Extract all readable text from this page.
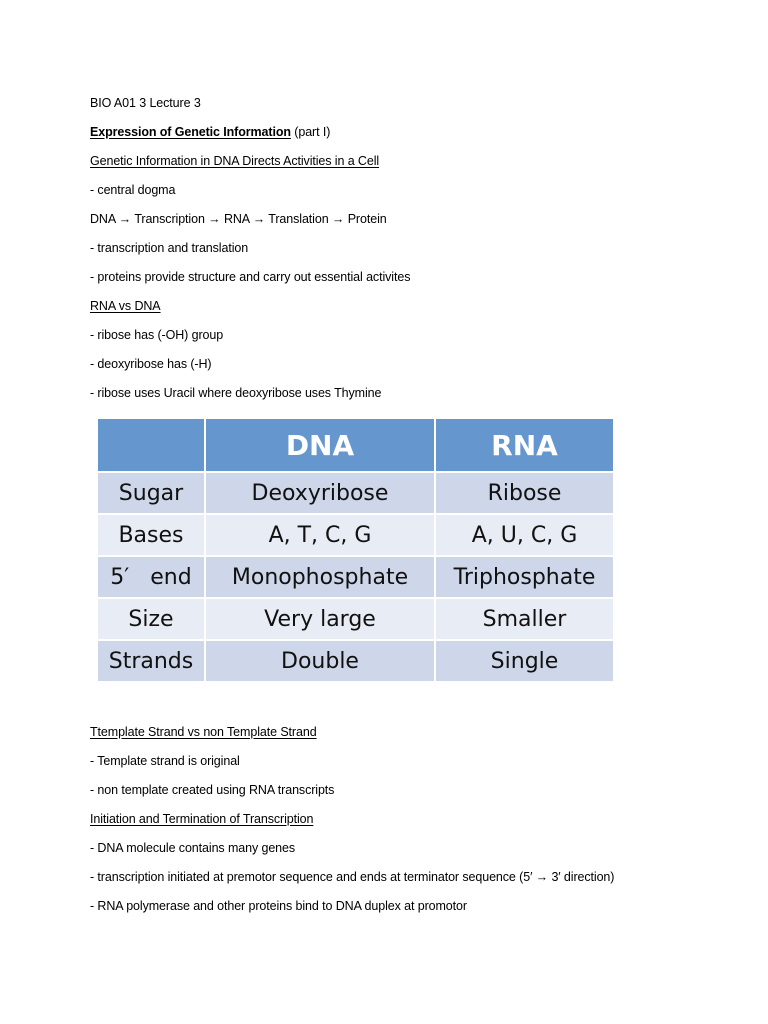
BIO A01 3 Lecture 3
Expression of Genetic Information (part I)
Genetic Information in DNA Directs Activities in a Cell
- central dogma
DNA → Transcription → RNA → Translation → Protein
- transcription and translation
- proteins provide structure and carry out essential activites
RNA vs DNA
- ribose has (-OH) group
- deoxyribose has (-H)
- ribose uses Uracil where deoxyribose uses Thymine
	DNA	RNA
Sugar	Deoxyribose	Ribose
Bases	A, T, C, G	A, U, C, G
5′   end	Monophosphate	Triphosphate
Size	Very large	Smaller
Strands	Double	Single
Ttemplate Strand vs non Template Strand
- Template strand is original
- non template created using RNA transcripts
Initiation and Termination of Transcription
- DNA molecule contains many genes
- transcription initiated at premotor sequence and ends at terminator sequence (5′ → 3′ direction)
- RNA polymerase and other proteins bind to DNA duplex at promotor
